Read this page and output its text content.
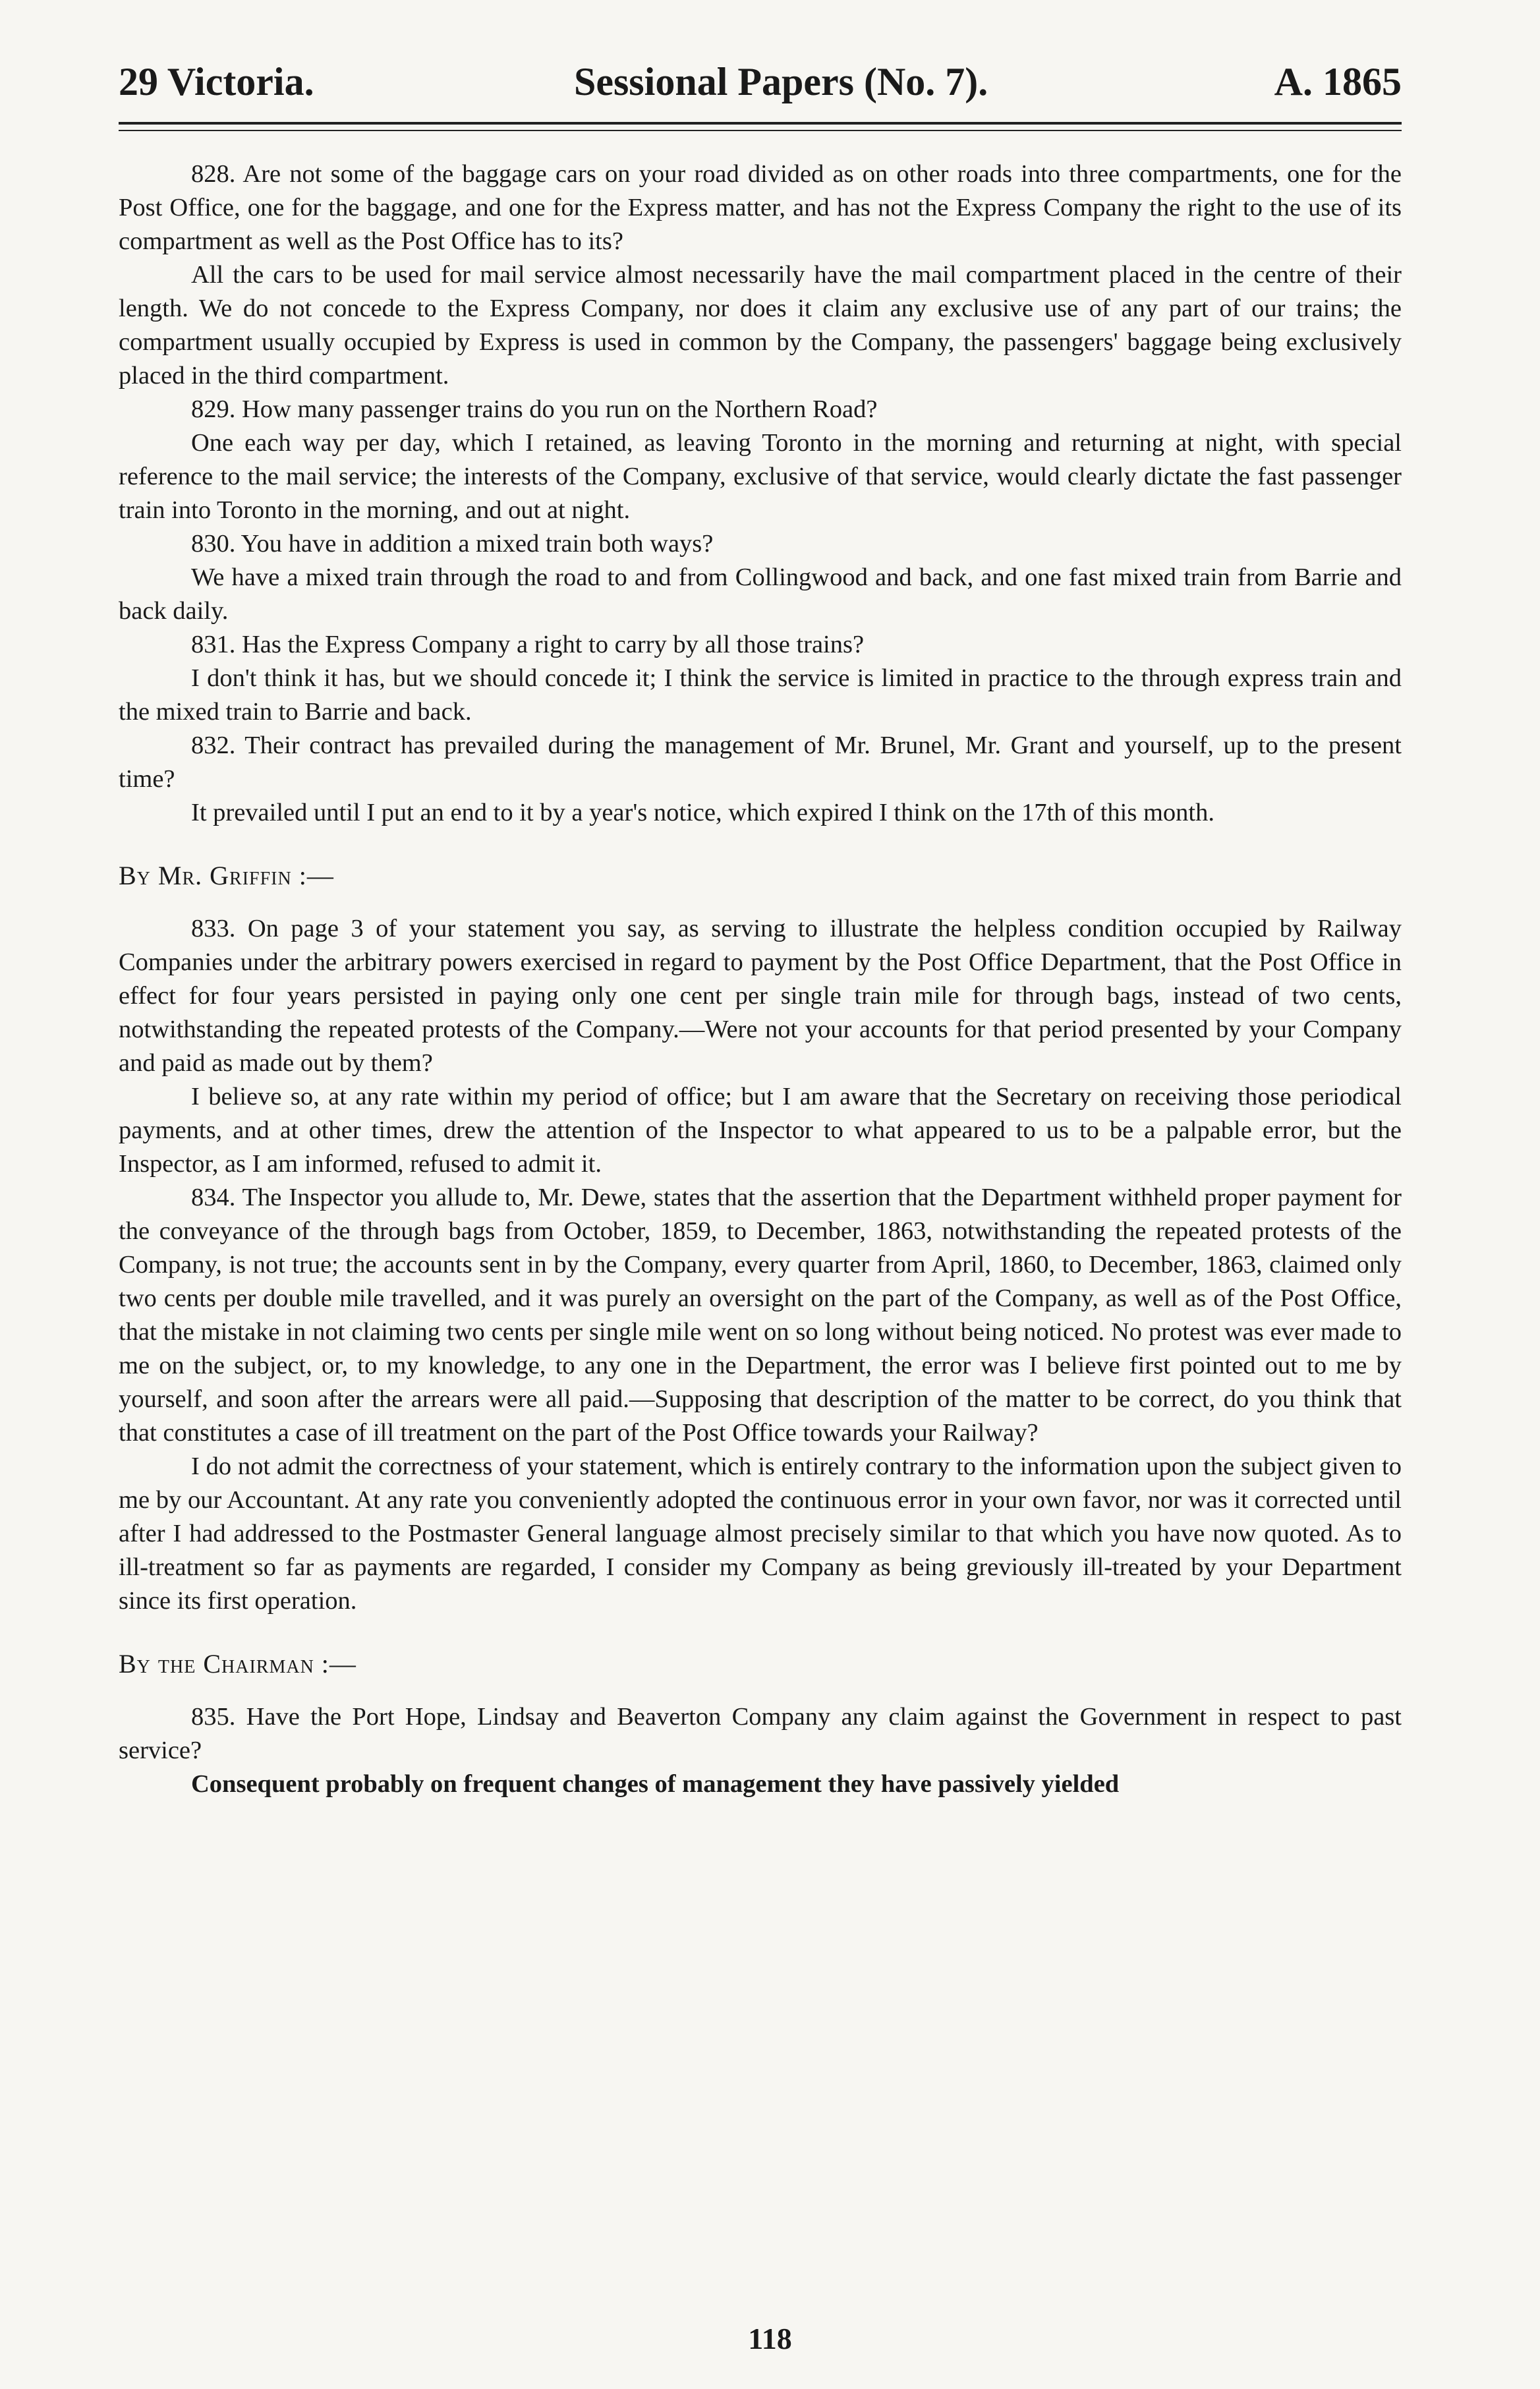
29 Victoria.	Sessional Papers (No. 7).	A. 1865

828. Are not some of the baggage cars on your road divided as on other roads into three compartments, one for the Post Office, one for the baggage, and one for the Express matter, and has not the Express Company the right to the use of its compartment as well as the Post Office has to its?

All the cars to be used for mail service almost necessarily have the mail compartment placed in the centre of their length. We do not concede to the Express Company, nor does it claim any exclusive use of any part of our trains; the compartment usually occupied by Express is used in common by the Company, the passengers' baggage being exclusively placed in the third compartment.

829. How many passenger trains do you run on the Northern Road?

One each way per day, which I retained, as leaving Toronto in the morning and returning at night, with special reference to the mail service; the interests of the Company, exclusive of that service, would clearly dictate the fast passenger train into Toronto in the morning, and out at night.

830. You have in addition a mixed train both ways?

We have a mixed train through the road to and from Collingwood and back, and one fast mixed train from Barrie and back daily.

831. Has the Express Company a right to carry by all those trains?

I don't think it has, but we should concede it; I think the service is limited in practice to the through express train and the mixed train to Barrie and back.

832. Their contract has prevailed during the management of Mr. Brunel, Mr. Grant and yourself, up to the present time?

It prevailed until I put an end to it by a year's notice, which expired I think on the 17th of this month.

By Mr. Griffin :—

833. On page 3 of your statement you say, as serving to illustrate the helpless condition occupied by Railway Companies under the arbitrary powers exercised in regard to payment by the Post Office Department, that the Post Office in effect for four years persisted in paying only one cent per single train mile for through bags, instead of two cents, notwithstanding the repeated protests of the Company.—Were not your accounts for that period presented by your Company and paid as made out by them?

I believe so, at any rate within my period of office; but I am aware that the Secretary on receiving those periodical payments, and at other times, drew the attention of the Inspector to what appeared to us to be a palpable error, but the Inspector, as I am informed, refused to admit it.

834. The Inspector you allude to, Mr. Dewe, states that the assertion that the Department withheld proper payment for the conveyance of the through bags from October, 1859, to December, 1863, notwithstanding the repeated protests of the Company, is not true; the accounts sent in by the Company, every quarter from April, 1860, to December, 1863, claimed only two cents per double mile travelled, and it was purely an oversight on the part of the Company, as well as of the Post Office, that the mistake in not claiming two cents per single mile went on so long without being noticed. No protest was ever made to me on the subject, or, to my knowledge, to any one in the Department, the error was I believe first pointed out to me by yourself, and soon after the arrears were all paid.—Supposing that description of the matter to be correct, do you think that that constitutes a case of ill treatment on the part of the Post Office towards your Railway?

I do not admit the correctness of your statement, which is entirely contrary to the information upon the subject given to me by our Accountant. At any rate you conveniently adopted the continuous error in your own favor, nor was it corrected until after I had addressed to the Postmaster General language almost precisely similar to that which you have now quoted. As to ill-treatment so far as payments are regarded, I consider my Company as being greviously ill-treated by your Department since its first operation.

By the Chairman :—

835. Have the Port Hope, Lindsay and Beaverton Company any claim against the Government in respect to past service?

Consequent probably on frequent changes of management they have passively yielded

118
